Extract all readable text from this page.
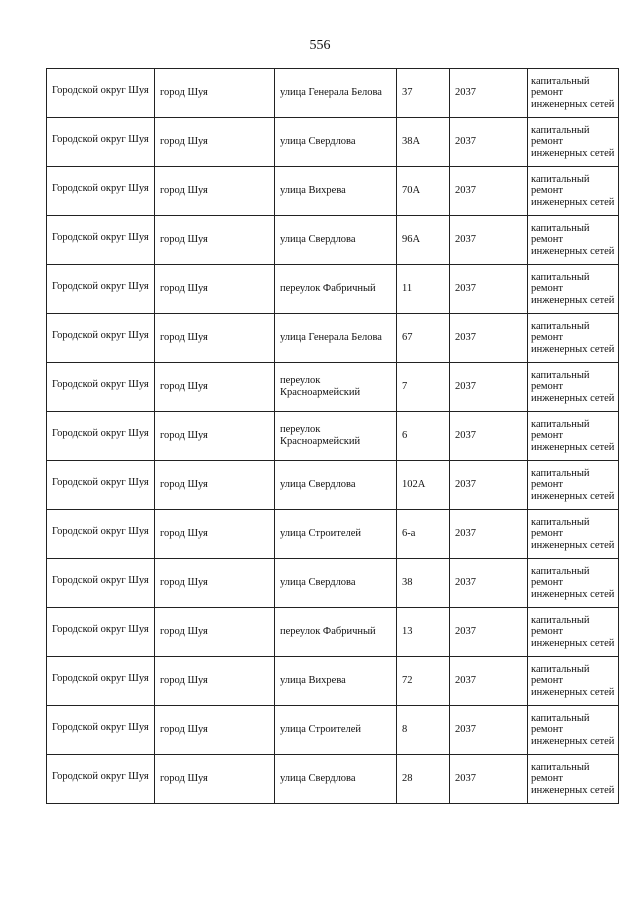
556
Городской округ Шуя	город Шуя	улица Генерала Белова	37	2037	капитальный ремонт инженерных сетей
Городской округ Шуя	город Шуя	улица Свердлова	38А	2037	капитальный ремонт инженерных сетей
Городской округ Шуя	город Шуя	улица Вихрева	70А	2037	капитальный ремонт инженерных сетей
Городской округ Шуя	город Шуя	улица Свердлова	96А	2037	капитальный ремонт инженерных сетей
Городской округ Шуя	город Шуя	переулок Фабричный	11	2037	капитальный ремонт инженерных сетей
Городской округ Шуя	город Шуя	улица Генерала Белова	67	2037	капитальный ремонт инженерных сетей
Городской округ Шуя	город Шуя	переулок Красноармейский	7	2037	капитальный ремонт инженерных сетей
Городской округ Шуя	город Шуя	переулок Красноармейский	6	2037	капитальный ремонт инженерных сетей
Городской округ Шуя	город Шуя	улица Свердлова	102А	2037	капитальный ремонт инженерных сетей
Городской округ Шуя	город Шуя	улица Строителей	6-а	2037	капитальный ремонт инженерных сетей
Городской округ Шуя	город Шуя	улица Свердлова	38	2037	капитальный ремонт инженерных сетей
Городской округ Шуя	город Шуя	переулок Фабричный	13	2037	капитальный ремонт инженерных сетей
Городской округ Шуя	город Шуя	улица Вихрева	72	2037	капитальный ремонт инженерных сетей
Городской округ Шуя	город Шуя	улица Строителей	8	2037	капитальный ремонт инженерных сетей
Городской округ Шуя	город Шуя	улица Свердлова	28	2037	капитальный ремонт инженерных сетей
